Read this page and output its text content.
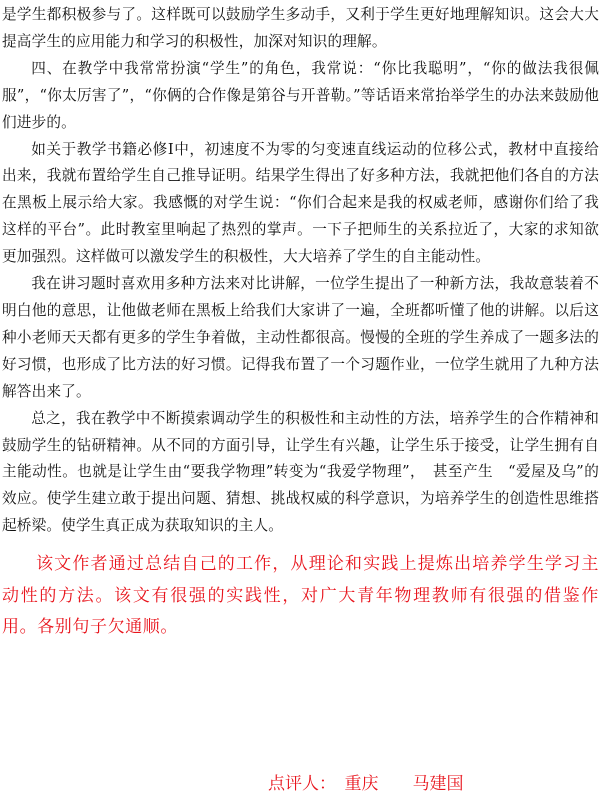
是学生都积极参与了。这样既可以鼓励学生多动手，又利于学生更好地理解知识。这会大大提高学生的应用能力和学习的积极性，加深对知识的理解。

四、在教学中我常常扮演“学生”的角色，我常说：“你比我聪明”，“你的做法我很佩服”，“你太厉害了”，“你俩的合作像是第谷与开普勒。”等话语来常抬举学生的办法来鼓励他们进步的。

如关于教学书籍必修Ⅰ中，初速度不为零的匀变速直线运动的位移公式，教材中直接给出来，我就布置给学生自己推导证明。结果学生得出了好多种方法，我就把他们各自的方法在黑板上展示给大家。我感慨的对学生说：“你们合起来是我的权威老师，感谢你们给了我这样的平台”。此时教室里响起了热烈的掌声。一下子把师生的关系拉近了，大家的求知欲更加强烈。这样做可以激发学生的积极性，大大培养了学生的自主能动性。

我在讲习题时喜欢用多种方法来对比讲解，一位学生提出了一种新方法，我故意装着不明白他的意思，让他做老师在黑板上给我们大家讲了一遍，全班都听懂了他的讲解。以后这种小老师天天都有更多的学生争着做，主动性都很高。慢慢的全班的学生养成了一题多法的好习惯，也形成了比方法的好习惯。记得我布置了一个习题作业，一位学生就用了九种方法解答出来了。

总之，我在教学中不断摸索调动学生的积极性和主动性的方法，培养学生的合作精神和鼓励学生的钻研精神。从不同的方面引导，让学生有兴趣，让学生乐于接受，让学生拥有自主能动性。也就是让学生由“要我学物理”转变为“我爱学物理”，　甚至产生　“爱屋及乌”的效应。使学生建立敢于提出问题、猜想、挑战权威的科学意识，为培养学生的创造性思维搭起桥梁。使学生真正成为获取知识的主人。

该文作者通过总结自己的工作，从理论和实践上提炼出培养学生学习主动性的方法。该文有很强的实践性，对广大青年物理教师有很强的借鉴作用。各别句子欠通顺。

点评人：　重庆　　马建国
